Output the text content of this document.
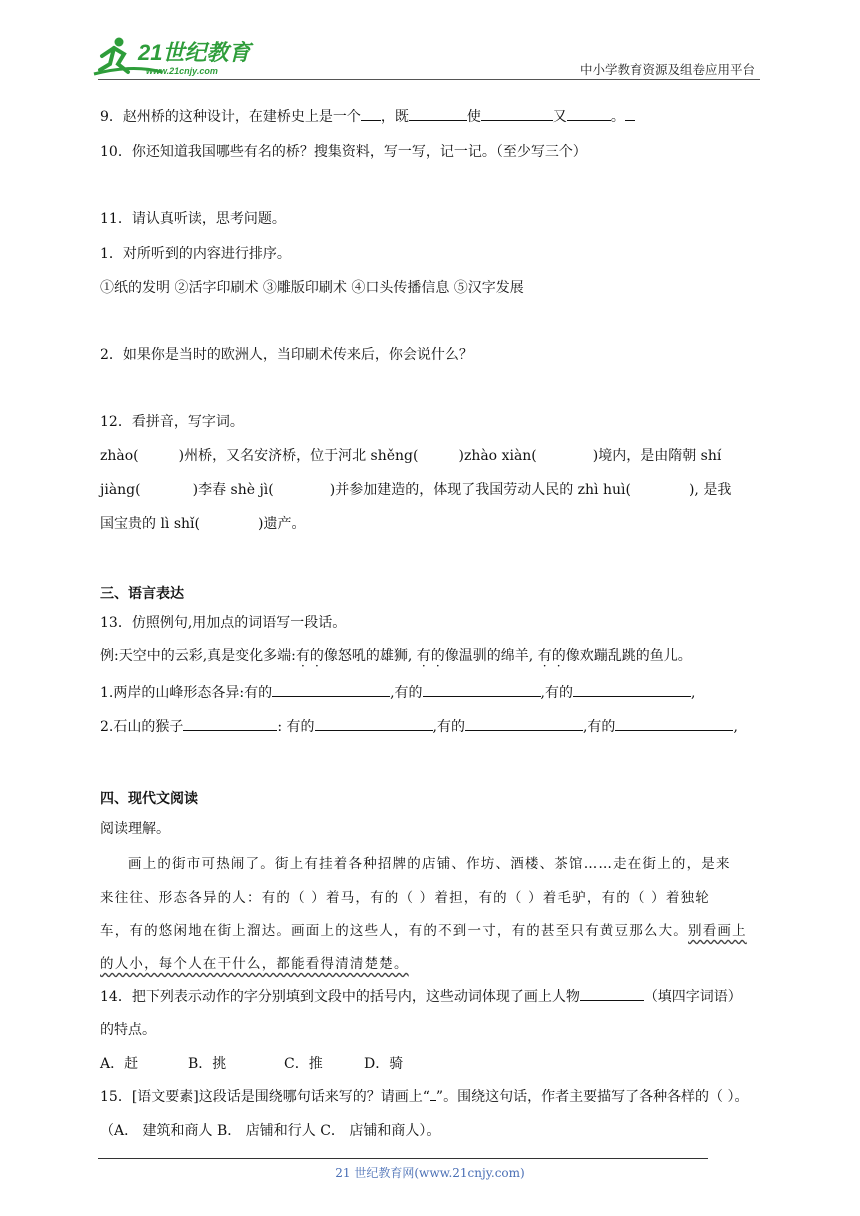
21世纪教育
www.21cnjy.com	中小学教育资源及组卷应用平台
9．赵州桥的这种设计，在建桥史上是一个 ，既	使	又	。
10．你还知道我国哪些有名的桥？搜集资料，写一写，记一记。（至少写三个）
11．请认真听读，思考问题。
1．对所听到的内容进行排序。
①纸的发明 ②活字印刷术 ③雕版印刷术 ④口头传播信息 ⑤汉字发展
2．如果你是当时的欧洲人，当印刷术传来后，你会说什么？
12．看拼音，写字词。
zhào(	)州桥，又名安济桥，位于河北 shěng(	)zhào xiàn(	)境内，是由隋朝 shí
jiàng(	)李春 shè jì(	)并参加建造的，体现了我国劳动人民的 zhì huì(	), 是我
国宝贵的 lì shǐ(	)遗产。
三、语言表达
13．仿照例句,用加点的词语写一段话。
例:天空中的云彩,真是变化多端:有的像怒吼的雄狮, 有的像温驯的绵羊, 有的像欢蹦乱跳的鱼儿。
1.两岸的山峰形态各异:有的	,有的	,有的	,
2.石山的猴子	: 有的	,有的	,有的	,
四、现代文阅读
阅读理解。
画上的街市可热闹了。街上有挂着各种招牌的店铺、作坊、酒楼、茶馆……走在街上的，是来
来往往、形态各异的人：有的（ ）着马，有的（ ）着担，有的（ ）着毛驴，有的（ ）着独轮
车，有的悠闲地在街上溜达。画面上的这些人，有的不到一寸，有的甚至只有黄豆那么大。别看画上
的人小，每个人在干什么，都能看得清清楚楚。
14．把下列表示动作的字分别填到文段中的括号内，这些动词体现了画上人物	（填四字词语）
的特点。
A．赶	B．挑	C．推	D．骑
15．[语文要素]这段话是围绕哪句话来写的？请画上“ ”。围绕这句话，作者主要描写了各种各样的（ ）。
（A． 建筑和商人 B． 店铺和行人 C． 店铺和商人）。
21 世纪教育网(www.21cnjy.com)
